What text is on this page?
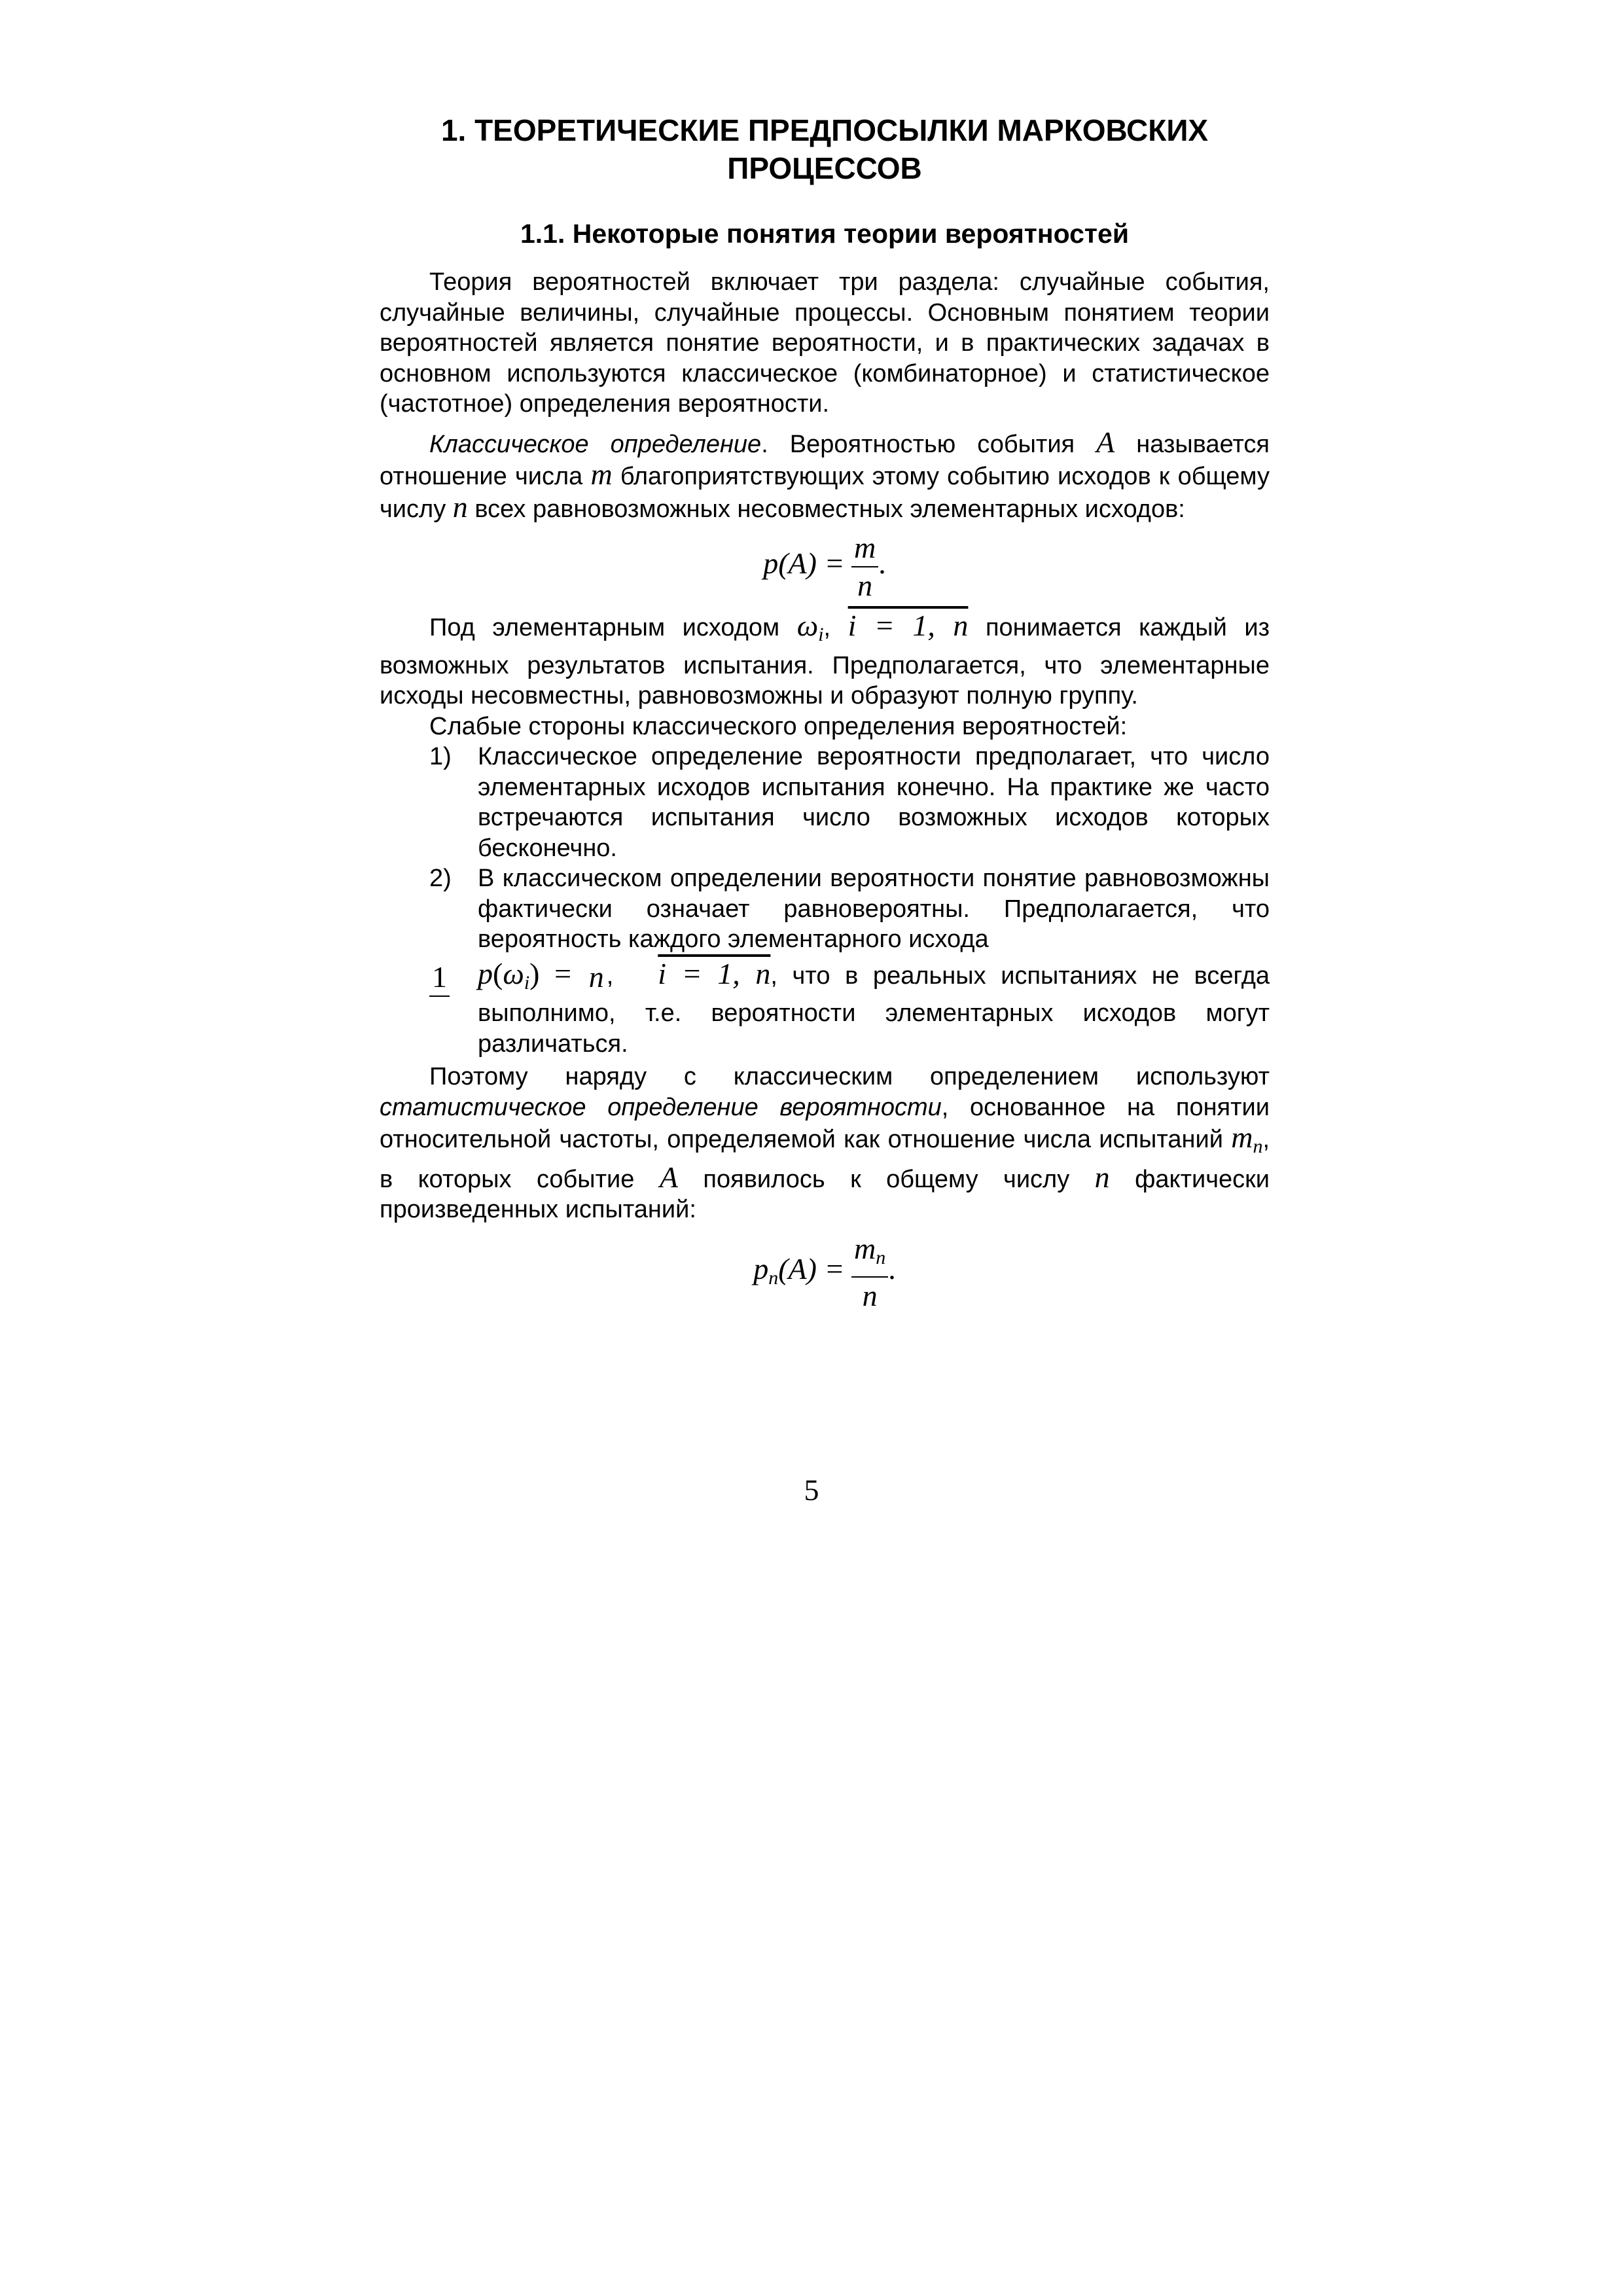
1. ТЕОРЕТИЧЕСКИЕ ПРЕДПОСЫЛКИ МАРКОВСКИХ
ПРОЦЕССОВ
1.1. Некоторые понятия теории вероятностей

Теория вероятностей включает три раздела: случайные события, случайные величины, случайные процессы. Основным понятием теории вероятностей является понятие вероятности, и в практических задачах в основном используются классическое (комбинаторное) и статистическое (частотное) определения вероятности.

Классическое определение. Вероятностью события A называется отношение числа m благоприятствующих этому событию исходов к общему числу n всех равновозможных несовместных элементарных исходов:

$p(A) = \frac{m}{n}$ .

Под элементарным исходом $\omega_i$, i = 1, n понимается каждый из возможных результатов испытания. Предполагается, что элементарные исходы несовместны, равновозможны и образуют полную группу.

Слабые стороны классического определения вероятностей:

1) Классическое определение вероятности предполагает, что число элементарных исходов испытания конечно. На практике же часто встречаются испытания число возможных исходов которых бесконечно.
2) В классическом определении вероятности понятие равновозможны фактически означает равновероятны. Предполагается, что вероятность каждого элементарного исхода
$p(\omega_i)$ =
1	n ,   i = 1, n, что в реальных испытаниях не всегда выполнимо, т.е. вероятности элементарных исходов могут различаться.

Поэтому наряду с классическим определением используют статистическое определение вероятности, основанное на понятии относительной частоты, определяемой как отношение числа испытаний $m_n$, в которых событие A появилось к общему числу n фактически произведенных испытаний:

$p_n(A) = \frac{m_n}{n}$ .
5
